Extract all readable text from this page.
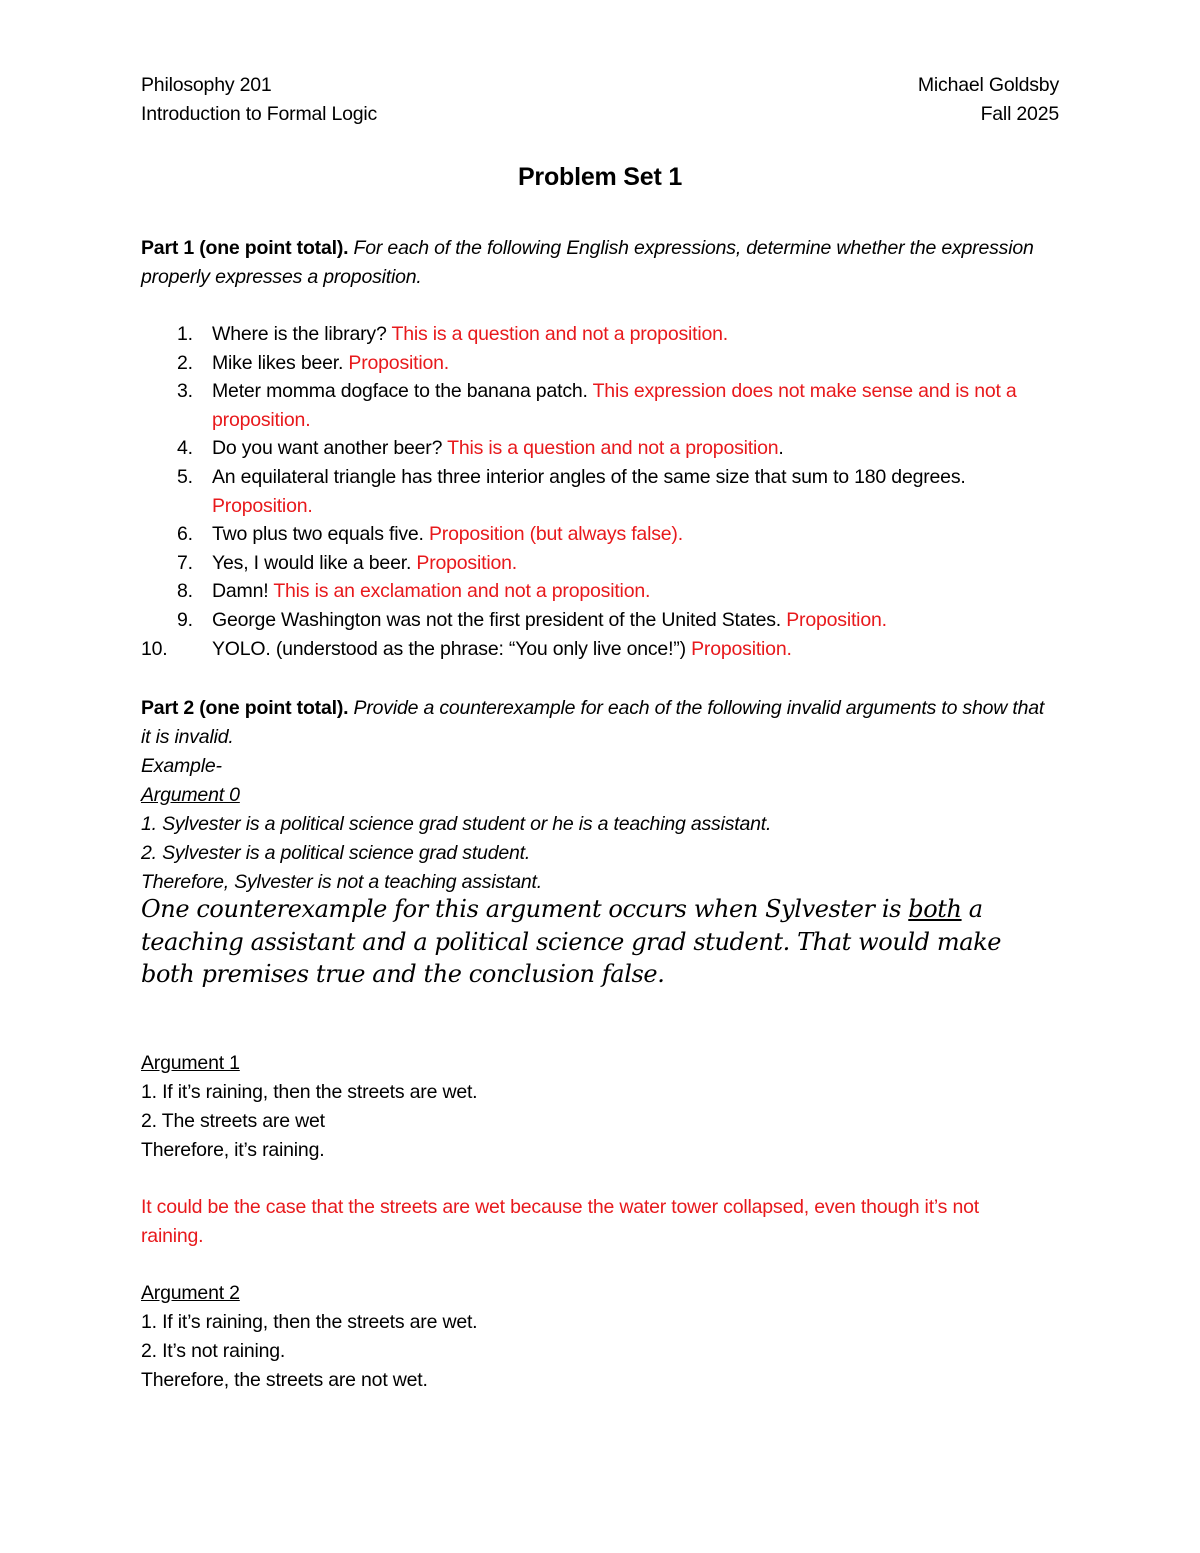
Philosophy 201
Introduction to Formal Logic
Michael Goldsby
Fall 2025
Problem Set 1
Part 1 (one point total). For each of the following English expressions, determine whether the expression properly expresses a proposition.
1. Where is the library? This is a question and not a proposition.
2. Mike likes beer. Proposition.
3. Meter momma dogface to the banana patch. This expression does not make sense and is not a proposition.
4. Do you want another beer? This is a question and not a proposition.
5. An equilateral triangle has three interior angles of the same size that sum to 180 degrees. Proposition.
6. Two plus two equals five. Proposition (but always false).
7. Yes, I would like a beer. Proposition.
8. Damn! This is an exclamation and not a proposition.
9. George Washington was not the first president of the United States. Proposition.
10. YOLO. (understood as the phrase: “You only live once!”) Proposition.
Part 2 (one point total). Provide a counterexample for each of the following invalid arguments to show that it is invalid.
Example-
Argument 0
1. Sylvester is a political science grad student or he is a teaching assistant.
2. Sylvester is a political science grad student.
Therefore, Sylvester is not a teaching assistant.
One counterexample for this argument occurs when Sylvester is both a
teaching assistant and a political science grad student. That would make
both premises true and the conclusion false.
Argument 1
1. If it’s raining, then the streets are wet.
2. The streets are wet
Therefore, it’s raining.
It could be the case that the streets are wet because the water tower collapsed, even though it’s not raining.
Argument 2
1. If it’s raining, then the streets are wet.
2. It’s not raining.
Therefore, the streets are not wet.
